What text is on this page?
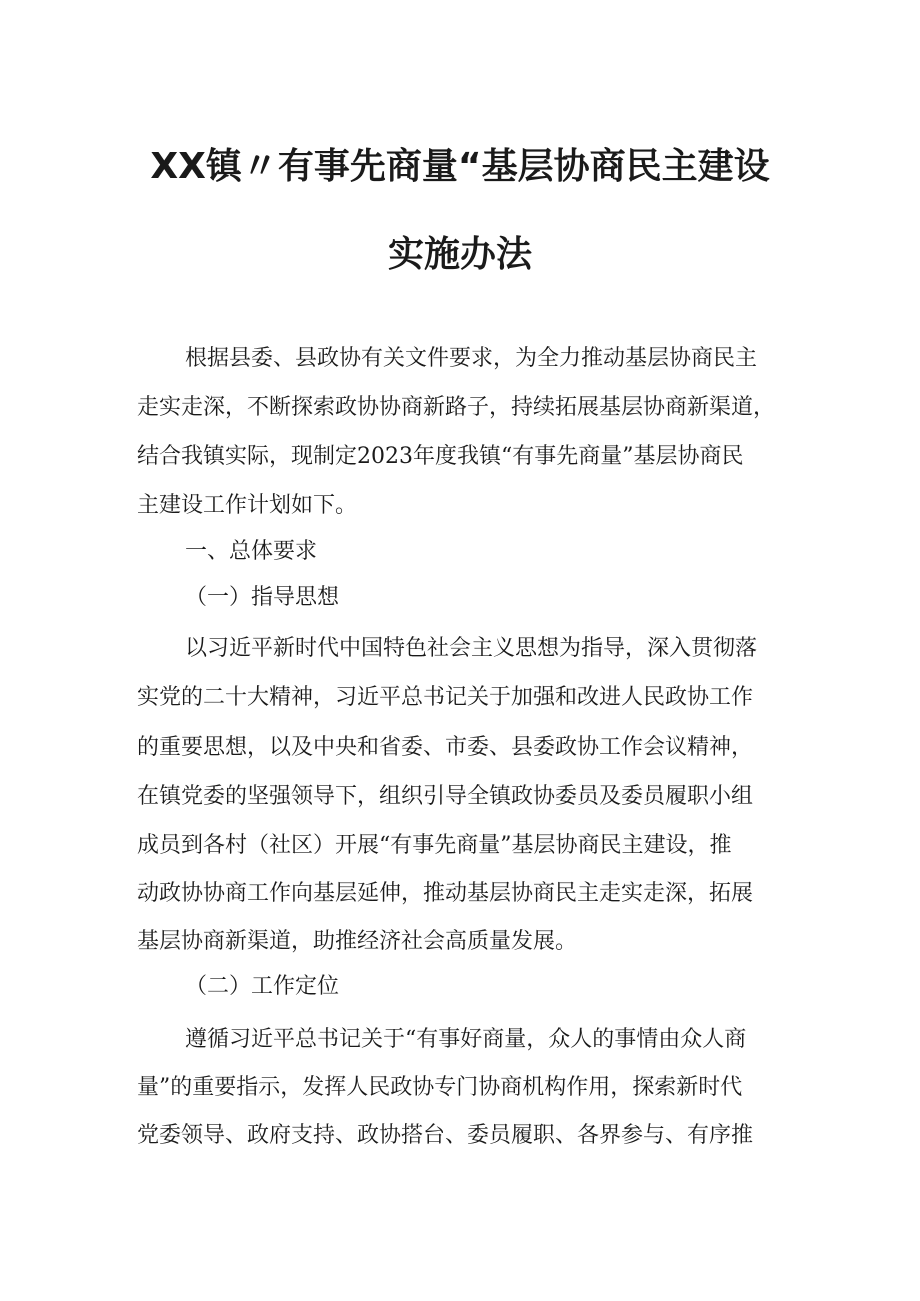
XX镇〃有事先商量“基层协商民主建设
实施办法
根据县委、县政协有关文件要求，为全力推动基层协商民主
走实走深，不断探索政协协商新路子，持续拓展基层协商新渠道，
结合我镇实际，现制定2023年度我镇“有事先商量”基层协商民
主建设工作计划如下。
一、总体要求
（一）指导思想
以习近平新时代中国特色社会主义思想为指导，深入贯彻落
实党的二十大精神，习近平总书记关于加强和改进人民政协工作
的重要思想，以及中央和省委、市委、县委政协工作会议精神，
在镇党委的坚强领导下，组织引导全镇政协委员及委员履职小组
成员到各村（社区）开展“有事先商量”基层协商民主建设，推
动政协协商工作向基层延伸，推动基层协商民主走实走深，拓展
基层协商新渠道，助推经济社会高质量发展。
（二）工作定位
遵循习近平总书记关于“有事好商量，众人的事情由众人商
量”的重要指示，发挥人民政协专门协商机构作用，探索新时代
党委领导、政府支持、政协搭台、委员履职、各界参与、有序推
